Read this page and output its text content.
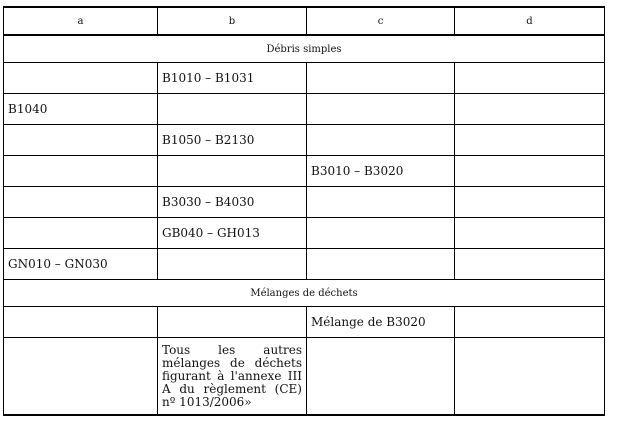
a	b	c	d
Débris simples			
	B1010 – B1031		
B1040			
	B1050 – B2130		
		B3010 – B3020	
	B3030 – B4030		
	GB040 – GH013		
GN010 – GN030			
Mélanges de déchets			
		Mélange de B3020	
	Tous les autres mélanges de déchets figurant à l'annexe III A du règlement (CE) nº 1013/2006»		
